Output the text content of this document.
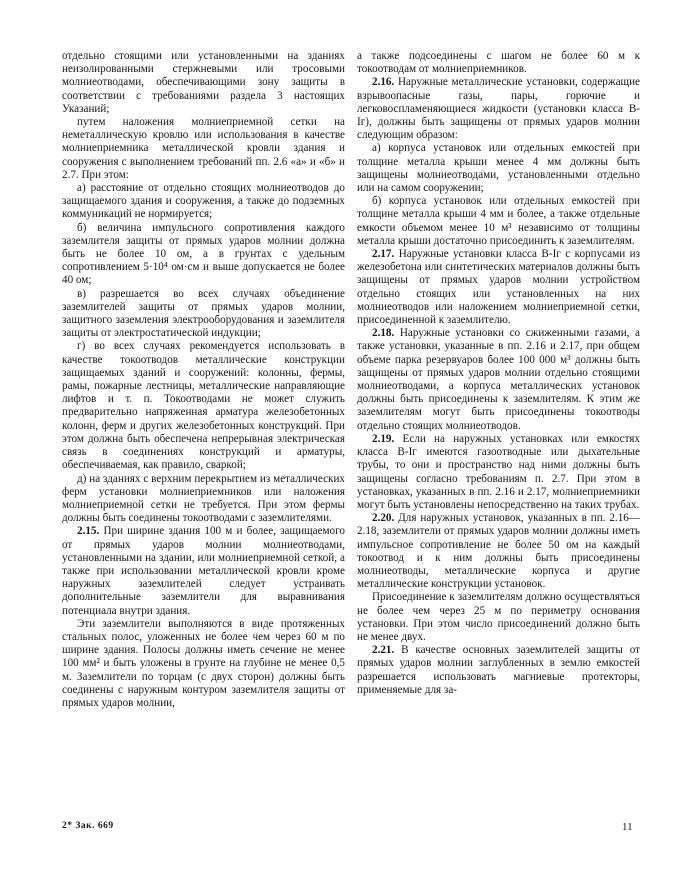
отдельно стоящими или установленными на зданиях неизолированными стержневыми или тросовыми молниеотводами, обеспечивающими зону защиты в соответствии с требованиями раздела 3 настоящих Указаний;

путем наложения молниеприемной сетки на неметаллическую кровлю или использования в качестве молниеприемника металлической кровли здания и сооружения с выполнением требований пп. 2.6 «а» и «б» и 2.7. При этом:

а) расстояние от отдельно стоящих молниеотводов до защищаемого здания и сооружения, а также до подземных коммуникаций не нормируется;

б) величина импульсного сопротивления каждого заземлителя защиты от прямых ударов молнии должна быть не более 10 ом, а в грунтах с удельным сопротивлением 5·10⁴ ом·см и выше допускается не более 40 ом;

в) разрешается во всех случаях объединение заземлителей защиты от прямых ударов молнии, защитного заземления электрооборудования и заземлителя защиты от электростатической индукции;

г) во всех случаях рекомендуется использовать в качестве токоотводов металлические конструкции защищаемых зданий и сооружений: колонны, фермы, рамы, пожарные лестницы, металлические направляющие лифтов и т. п. Токоотводами не может служить предварительно напряженная арматура железобетонных колонн, ферм и других железобетонных конструкций. При этом должна быть обеспечена непрерывная электрическая связь в соединениях конструкций и арматуры, обеспечиваемая, как правило, сваркой;

д) на зданиях с верхним перекрытием из металлических ферм установки молниеприемников или наложения молниеприемной сетки не требуется. При этом фермы должны быть соединены токоотводами с заземлителями.

2.15. При ширине здания 100 м и более, защищаемого от прямых ударов молнии молниеотводами, установленными на здании, или молниеприемной сеткой, а также при использовании металлической кровли кроме наружных заземлителей следует устраивать дополнительные заземлители для выравнивания потенциала внутри здания.

Эти заземлители выполняются в виде протяженных стальных полос, уложенных не более чем через 60 м по ширине здания. Полосы должны иметь сечение не менее 100 мм² и быть уложены в грунте на глубине не менее 0,5 м. Заземлители по торцам (с двух сторон) должны быть соединены с наружным контуром заземлителя защиты от прямых ударов молнии,

а также подсоединены с шагом не более 60 м к токоотводам от молниеприемников.

2.16. Наружные металлические установки, содержащие взрывоопасные газы, пары, горючие и легковоспламеняющиеся жидкости (установки класса В-Iг), должны быть защищены от прямых ударов молнии следующим образом:

а) корпуса установок или отдельных емкостей при толщине металла крыши менее 4 мм должны быть защищены молниеотводами, установленными отдельно или на самом сооружении;

б) корпуса установок или отдельных емкостей при толщине металла крыши 4 мм и более, а также отдельные емкости объемом менее 10 м³ независимо от толщины металла крыши достаточно присоединить к заземлителям.

2.17. Наружные установки класса В-Iг с корпусами из железобетона или синтетических материалов должны быть защищены от прямых ударов молнии устройством отдельно стоящих или установленных на них молниеотводов или наложением молниеприемной сетки, присоединенной к заземлителю.

2.18. Наружные установки со сжиженными газами, а также установки, указанные в пп. 2.16 и 2.17, при общем объеме парка резервуаров более 100 000 м³ должны быть защищены от прямых ударов молнии отдельно стоящими молниеотводами, а корпуса металлических установок должны быть присоединены к заземлителям. К этим же заземлителям могут быть присоединены токоотводы отдельно стоящих молниеотводов.

2.19. Если на наружных установках или емкостях класса В-Iг имеются газоотводные или дыхательные трубы, то они и пространство над ними должны быть защищены согласно требованиям п. 2.7. При этом в установках, указанных в пп. 2.16 и 2.17, молниеприемники могут быть установлены непосредственно на таких трубах.

2.20. Для наружных установок, указанных в пп. 2.16—2.18, заземлители от прямых ударов молнии должны иметь импульсное сопротивление не более 50 ом на каждый токоотвод и к ним должны быть присоединены молниеотводы, металлические корпуса и другие металлические конструкции установок.

Присоединение к заземлителям должно осуществляться не более чем через 25 м по периметру основания установки. При этом число присоединений должно быть не менее двух.

2.21. В качестве основных заземлителей защиты от прямых ударов молнии заглубленных в землю емкостей разрешается использовать магниевые протекторы, применяемые для за-

2* Зак. 669	11
